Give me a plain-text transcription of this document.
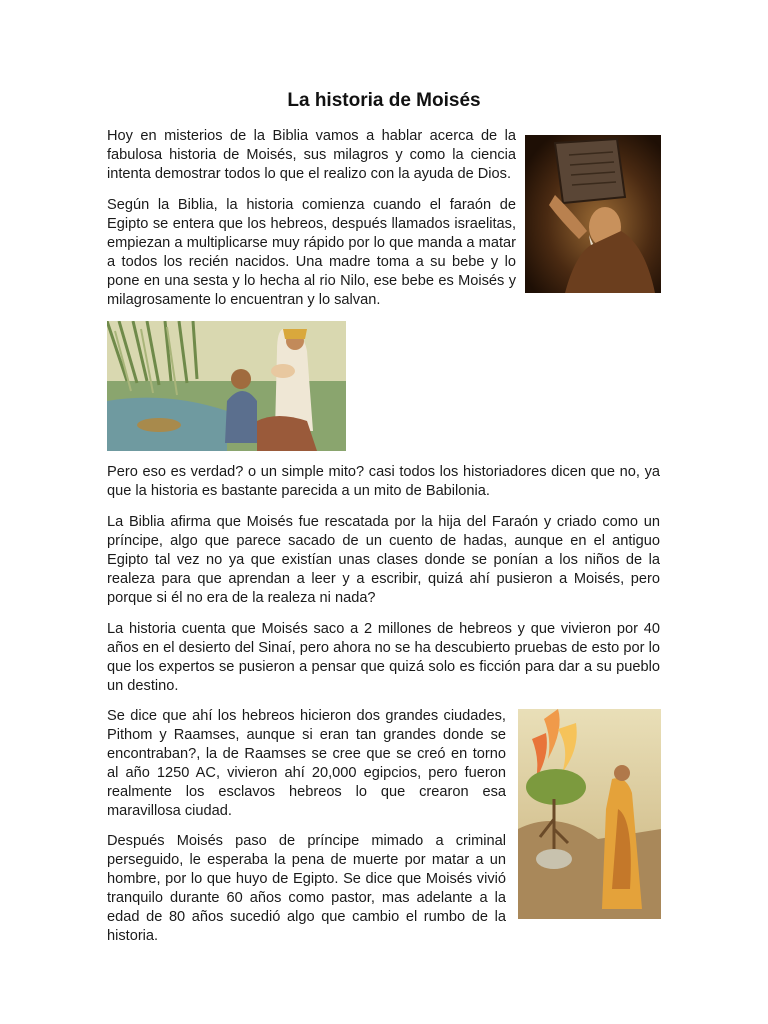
La historia de Moisés

Hoy en misterios de la Biblia vamos a hablar acerca de la fabulosa historia de Moisés, sus milagros y como la ciencia intenta demostrar todos lo que el realizo con la ayuda de Dios.

Según la Biblia, la historia comienza cuando el faraón de Egipto se entera que los hebreos, después llamados israelitas, empiezan a multiplicarse muy rápido por lo que manda a matar a todos los recién nacidos. Una madre toma a su bebe y lo pone en una sesta y lo hecha al rio Nilo, ese bebe es Moisés y milagrosamente lo encuentran y lo salvan.

Pero eso es verdad? o un simple mito? casi todos los historiadores dicen que no, ya que la historia es bastante parecida a un mito de Babilonia.

La Biblia afirma que Moisés fue rescatada por la hija del Faraón y criado como un príncipe, algo que parece sacado de un cuento de hadas, aunque en el antiguo Egipto tal vez no ya que existían unas clases donde se ponían a los niños de la realeza para que aprendan a leer y a escribir, quizá ahí pusieron a Moisés, pero porque si él no era de la realeza ni nada?

La historia cuenta que Moisés saco a 2 millones de hebreos y que vivieron por 40 años en el desierto del Sinaí, pero ahora no se ha descubierto pruebas de esto por lo que los expertos se pusieron a pensar que quizá solo es ficción para dar a su pueblo un destino.

Se dice que ahí los hebreos hicieron dos grandes ciudades, Pithom y Raamses, aunque si eran tan grandes donde se encontraban?, la de Raamses se cree que se creó en torno al año 1250 AC, vivieron ahí 20,000 egipcios, pero fueron realmente los esclavos hebreos lo que crearon esa maravillosa ciudad.

Después Moisés paso de príncipe mimado a criminal perseguido, le esperaba la pena de muerte por matar a un hombre, por lo que huyo de Egipto. Se dice que Moisés vivió tranquilo durante 60 años como pastor, mas adelante a la edad de 80 años sucedió algo que cambio el rumbo de la historia.
